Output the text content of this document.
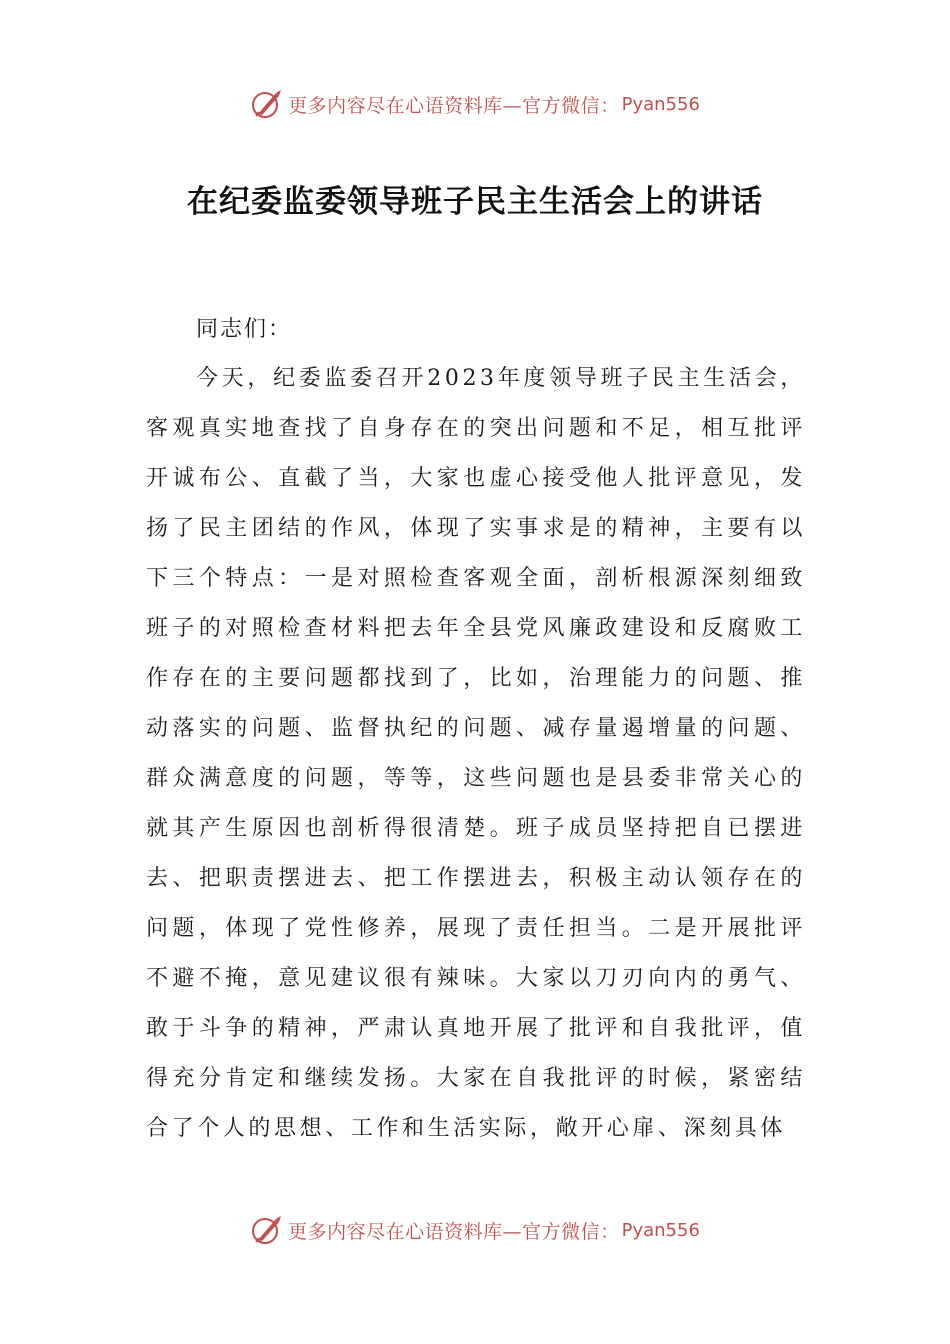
更多内容尽在心语资料库—官方微信： Pyan556
在纪委监委领导班子民主生活会上的讲话

同志们：

今天，纪委监委召开2023年度领导班子民主生活会，客观真实地查找了自身存在的突出问题和不足，相互批评开诚布公、直截了当，大家也虚心接受他人批评意见，发扬了民主团结的作风，体现了实事求是的精神，主要有以下三个特点：一是对照检查客观全面，剖析根源深刻细致班子的对照检查材料把去年全县党风廉政建设和反腐败工作存在的主要问题都找到了，比如，治理能力的问题、推动落实的问题、监督执纪的问题、减存量遏增量的问题、群众满意度的问题，等等，这些问题也是县委非常关心的就其产生原因也剖析得很清楚。班子成员坚持把自已摆进去、把职责摆进去、把工作摆进去，积极主动认领存在的问题，体现了党性修养，展现了责任担当。二是开展批评不避不掩，意见建议很有辣味。大家以刀刃向内的勇气、敢于斗争的精神，严肃认真地开展了批评和自我批评，值得充分肯定和继续发扬。大家在自我批评的时候，紧密结合了个人的思想、工作和生活实际，敞开心扉、深刻具体

更多内容尽在心语资料库—官方微信： Pyan556
